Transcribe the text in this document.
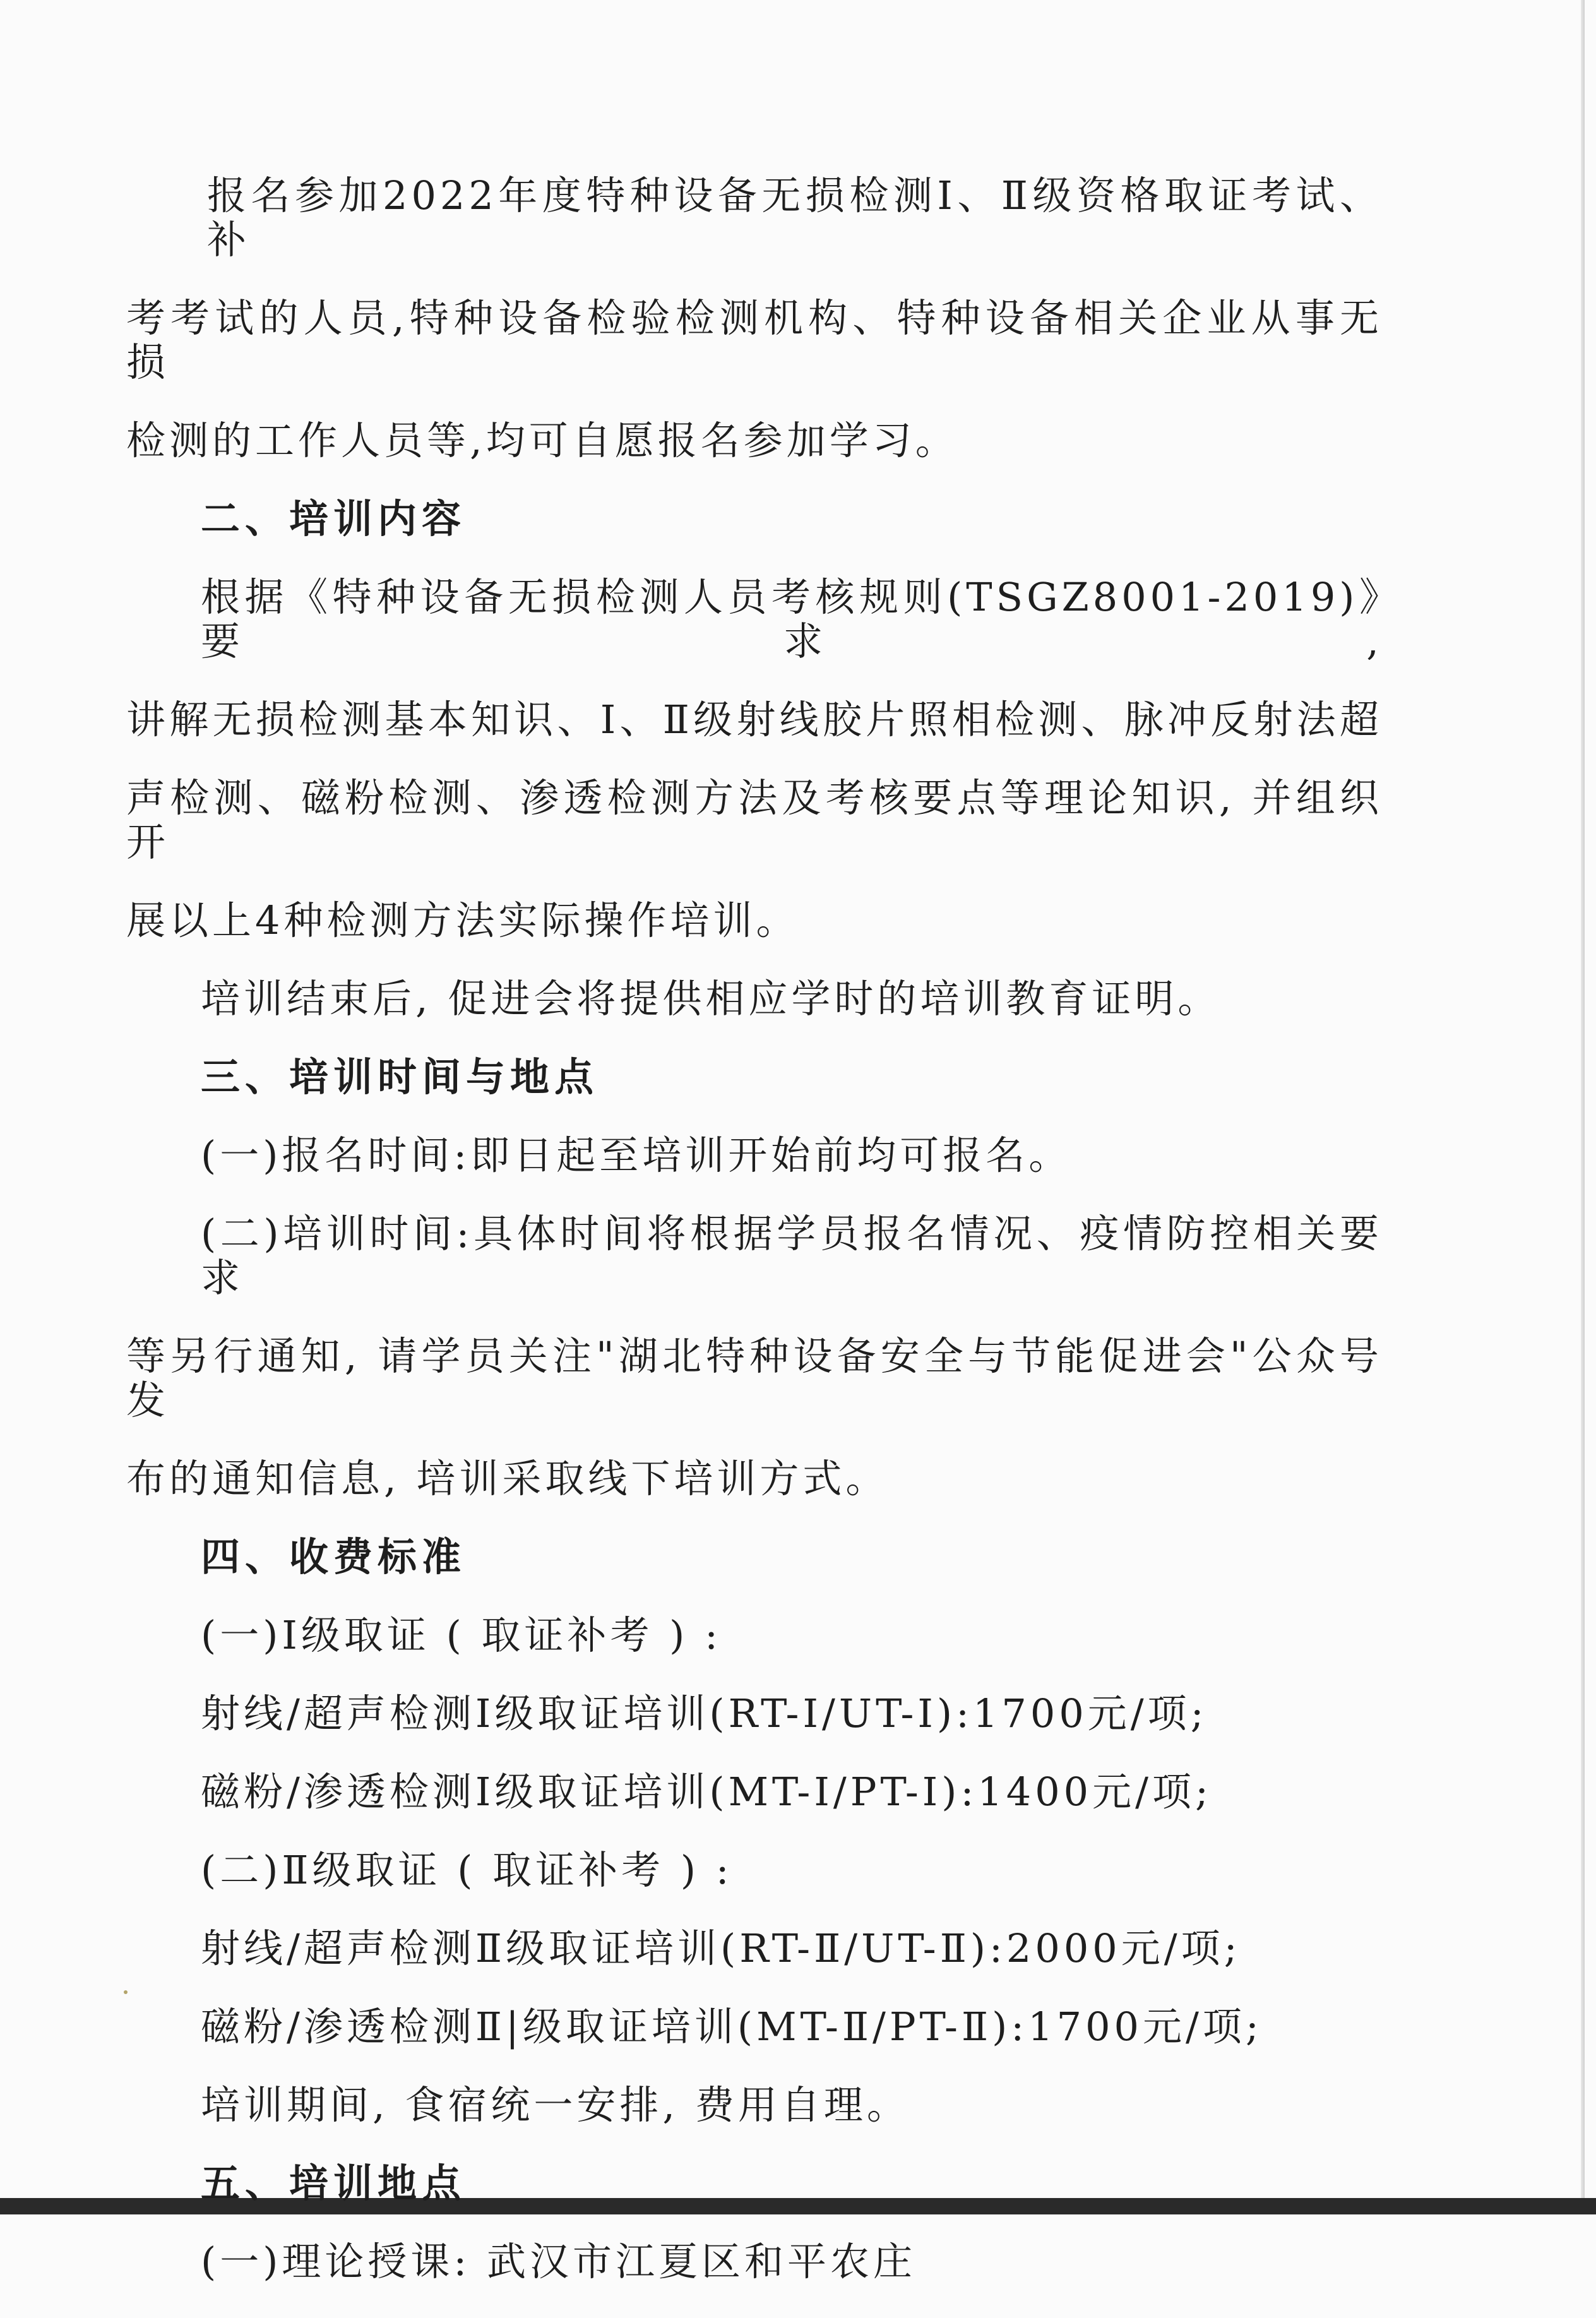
报名参加2022年度特种设备无损检测Ⅰ、Ⅱ级资格取证考试、补
考考试的人员,特种设备检验检测机构、特种设备相关企业从事无损
检测的工作人员等,均可自愿报名参加学习。
二、培训内容
根据《特种设备无损检测人员考核规则(TSGZ8001-2019)》要求,
讲解无损检测基本知识、Ⅰ、Ⅱ级射线胶片照相检测、脉冲反射法超
声检测、磁粉检测、渗透检测方法及考核要点等理论知识, 并组织开
展以上4种检测方法实际操作培训。
培训结束后, 促进会将提供相应学时的培训教育证明。
三、培训时间与地点
(一)报名时间:即日起至培训开始前均可报名。
(二)培训时间:具体时间将根据学员报名情况、疫情防控相关要求
等另行通知, 请学员关注"湖北特种设备安全与节能促进会"公众号发
布的通知信息, 培训采取线下培训方式。
四、收费标准
(一)Ⅰ级取证 ( 取证补考 ) :
射线/超声检测Ⅰ级取证培训(RT-Ⅰ/UT-Ⅰ):1700元/项;
磁粉/渗透检测Ⅰ级取证培训(MT-Ⅰ/PT-Ⅰ):1400元/项;
(二)Ⅱ级取证 ( 取证补考 ) :
射线/超声检测Ⅱ级取证培训(RT-Ⅱ/UT-Ⅱ):2000元/项;
磁粉/渗透检测Ⅱ|级取证培训(MT-Ⅱ/PT-Ⅱ):1700元/项;
培训期间, 食宿统一安排, 费用自理。
五、培训地点
(一)理论授课: 武汉市江夏区和平农庄
